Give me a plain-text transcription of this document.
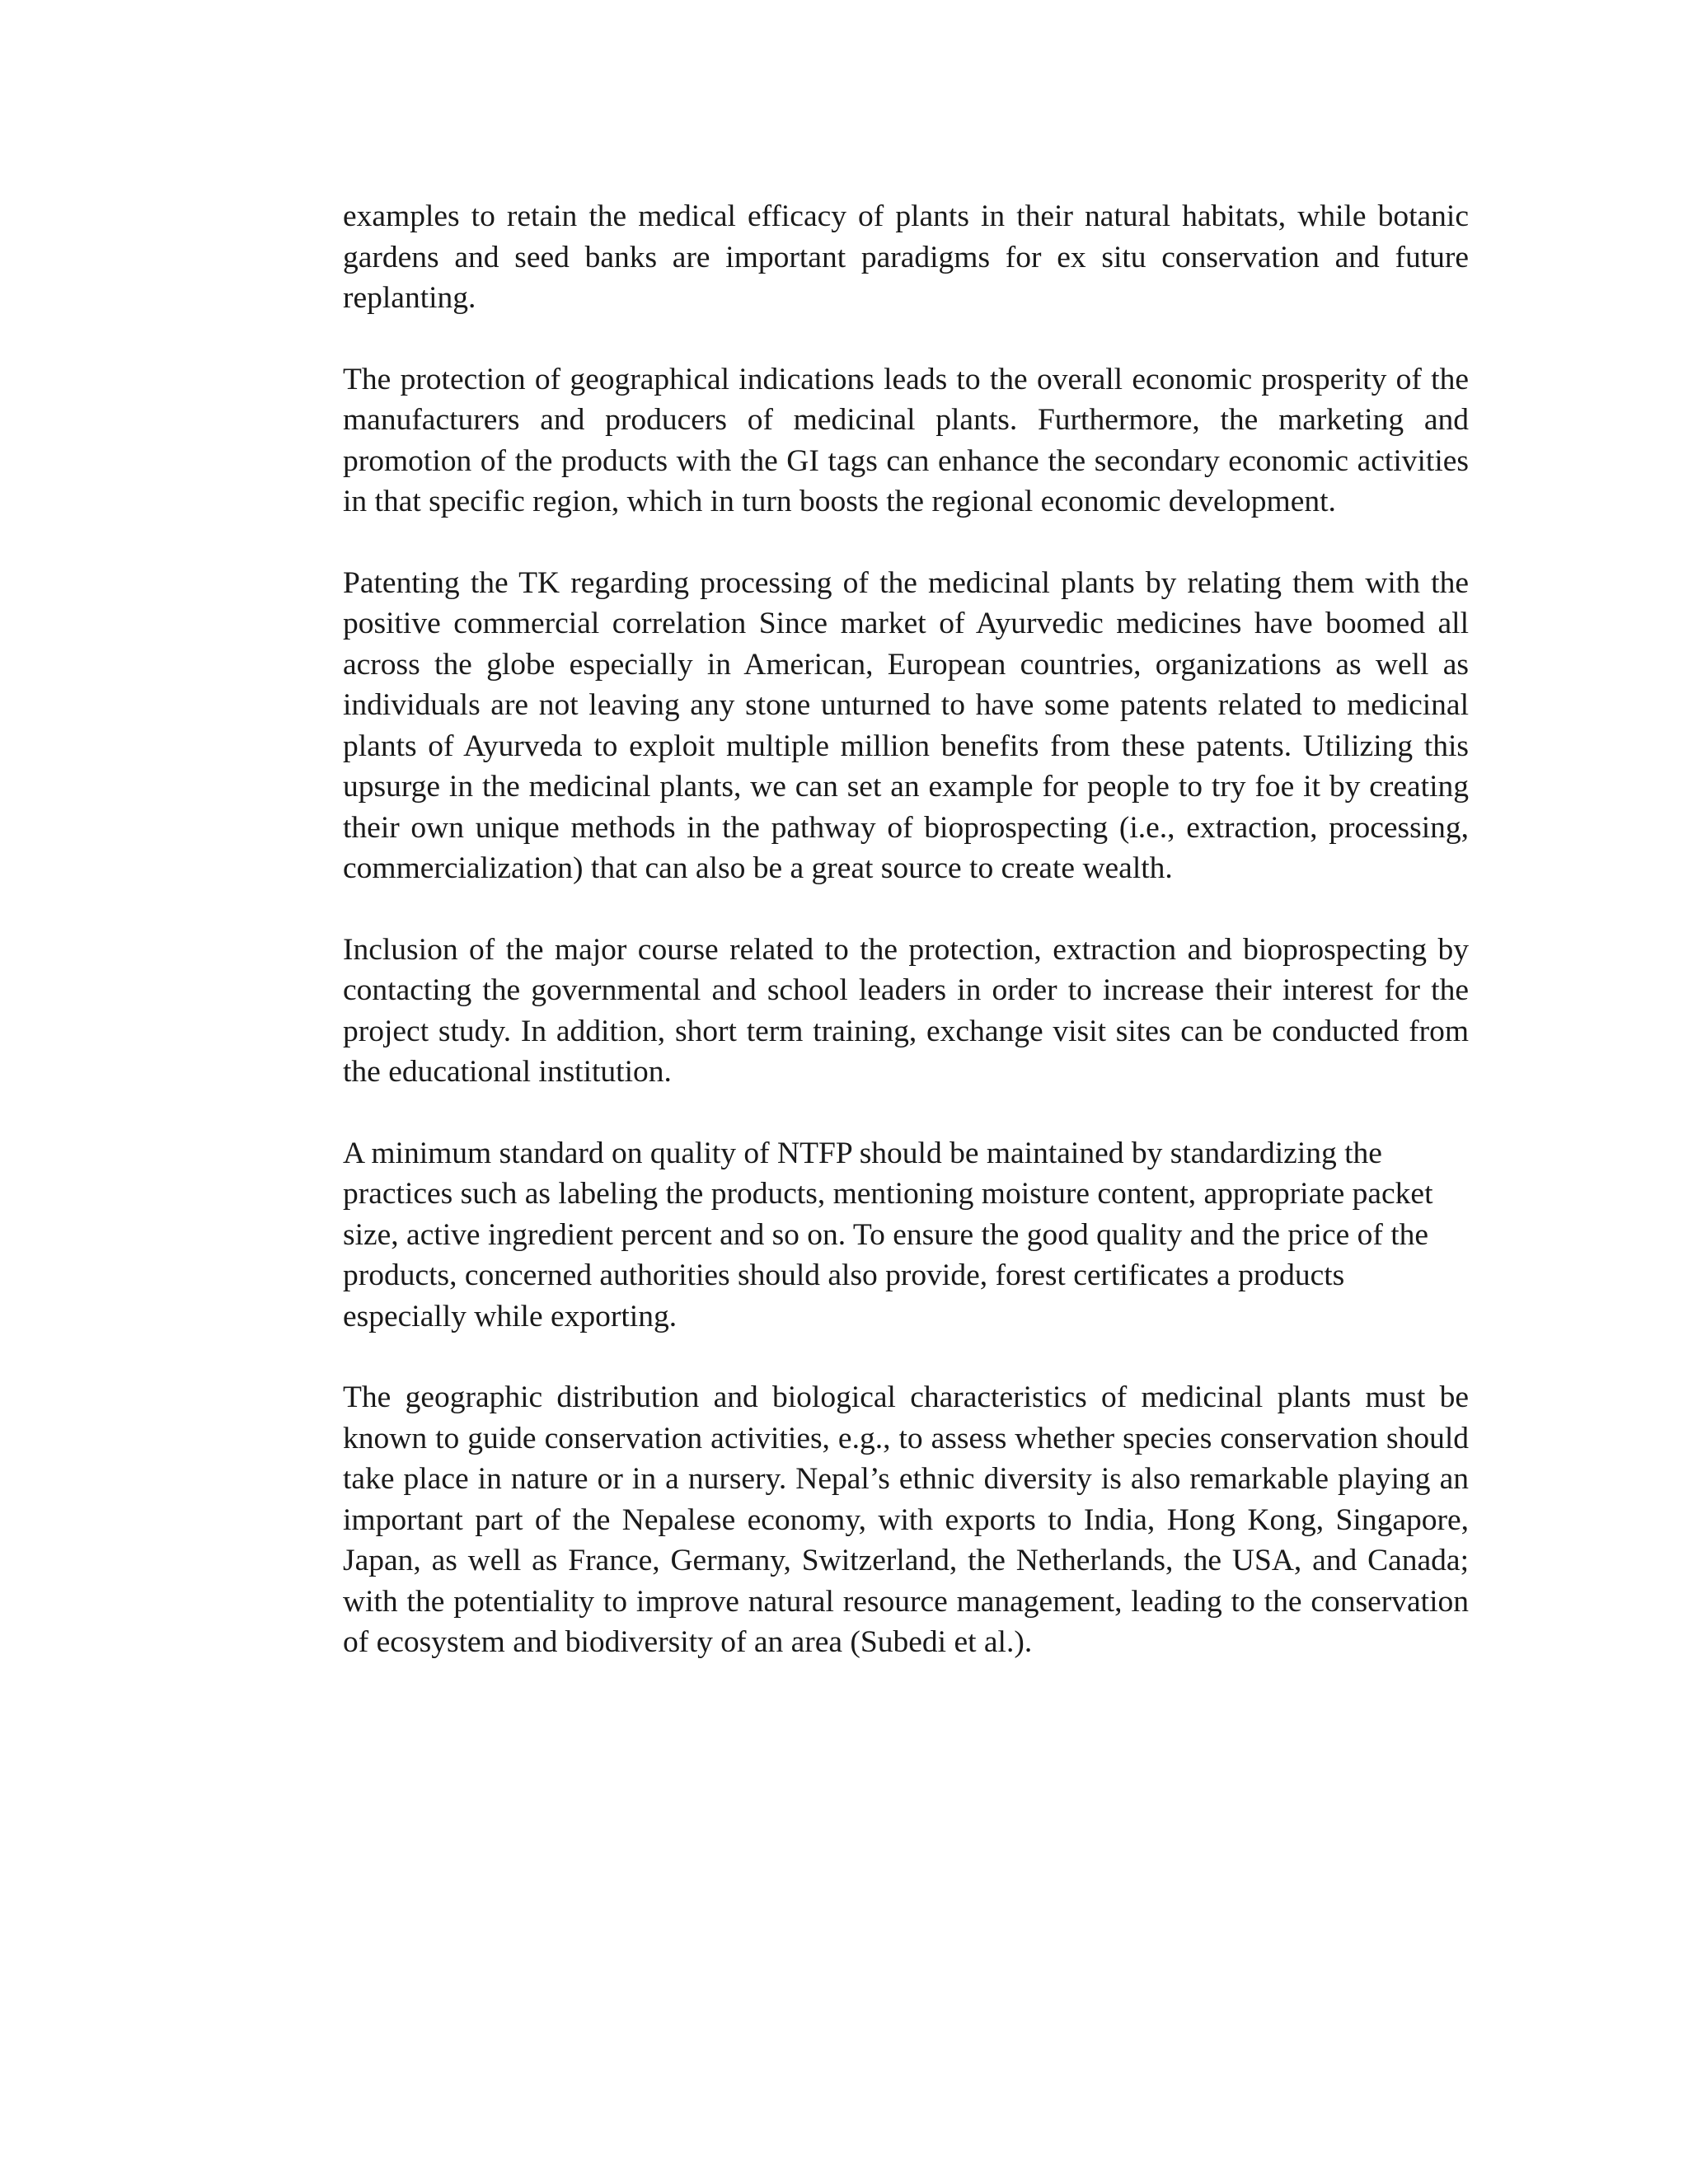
examples to retain the medical efficacy of plants in their natural habitats, while botanic gardens and seed banks are important paradigms for ex situ conservation and future replanting.

The protection of geographical indications leads to the overall economic prosperity of the manufacturers and producers of medicinal plants. Furthermore, the marketing and promotion of the products with the GI tags can enhance the secondary economic activities in that specific region, which in turn boosts the regional economic development.

Patenting the TK regarding processing of the medicinal plants by relating them with the positive commercial correlation Since market of Ayurvedic medicines have boomed all across the globe especially in American, European countries, organizations as well as individuals are not leaving any stone unturned to have some patents related to medicinal plants of Ayurveda to exploit multiple million benefits from these patents. Utilizing this upsurge in the medicinal plants, we can set an example for people to try foe it by creating their own unique methods in the pathway of bioprospecting (i.e., extraction, processing, commercialization) that can also be a great source to create wealth.

Inclusion of the major course related to the protection, extraction and bioprospecting by contacting the governmental and school leaders in order to increase their interest for the project study. In addition, short term training, exchange visit sites can be conducted from the educational institution.

A minimum standard on quality of NTFP should be maintained by standardizing the practices such as labeling the products, mentioning moisture content, appropriate packet size, active ingredient percent and so on. To ensure the good quality and the price of the products, concerned authorities should also provide, forest certificates a products especially while exporting.

The geographic distribution and biological characteristics of medicinal plants must be known to guide conservation activities, e.g., to assess whether species conservation should take place in nature or in a nursery. Nepal’s ethnic diversity is also remarkable playing an important part of the Nepalese economy, with exports to India, Hong Kong, Singapore, Japan, as well as France, Germany, Switzerland, the Netherlands, the USA, and Canada; with the potentiality to improve natural resource management, leading to the conservation of ecosystem and biodiversity of an area (Subedi et al.).
